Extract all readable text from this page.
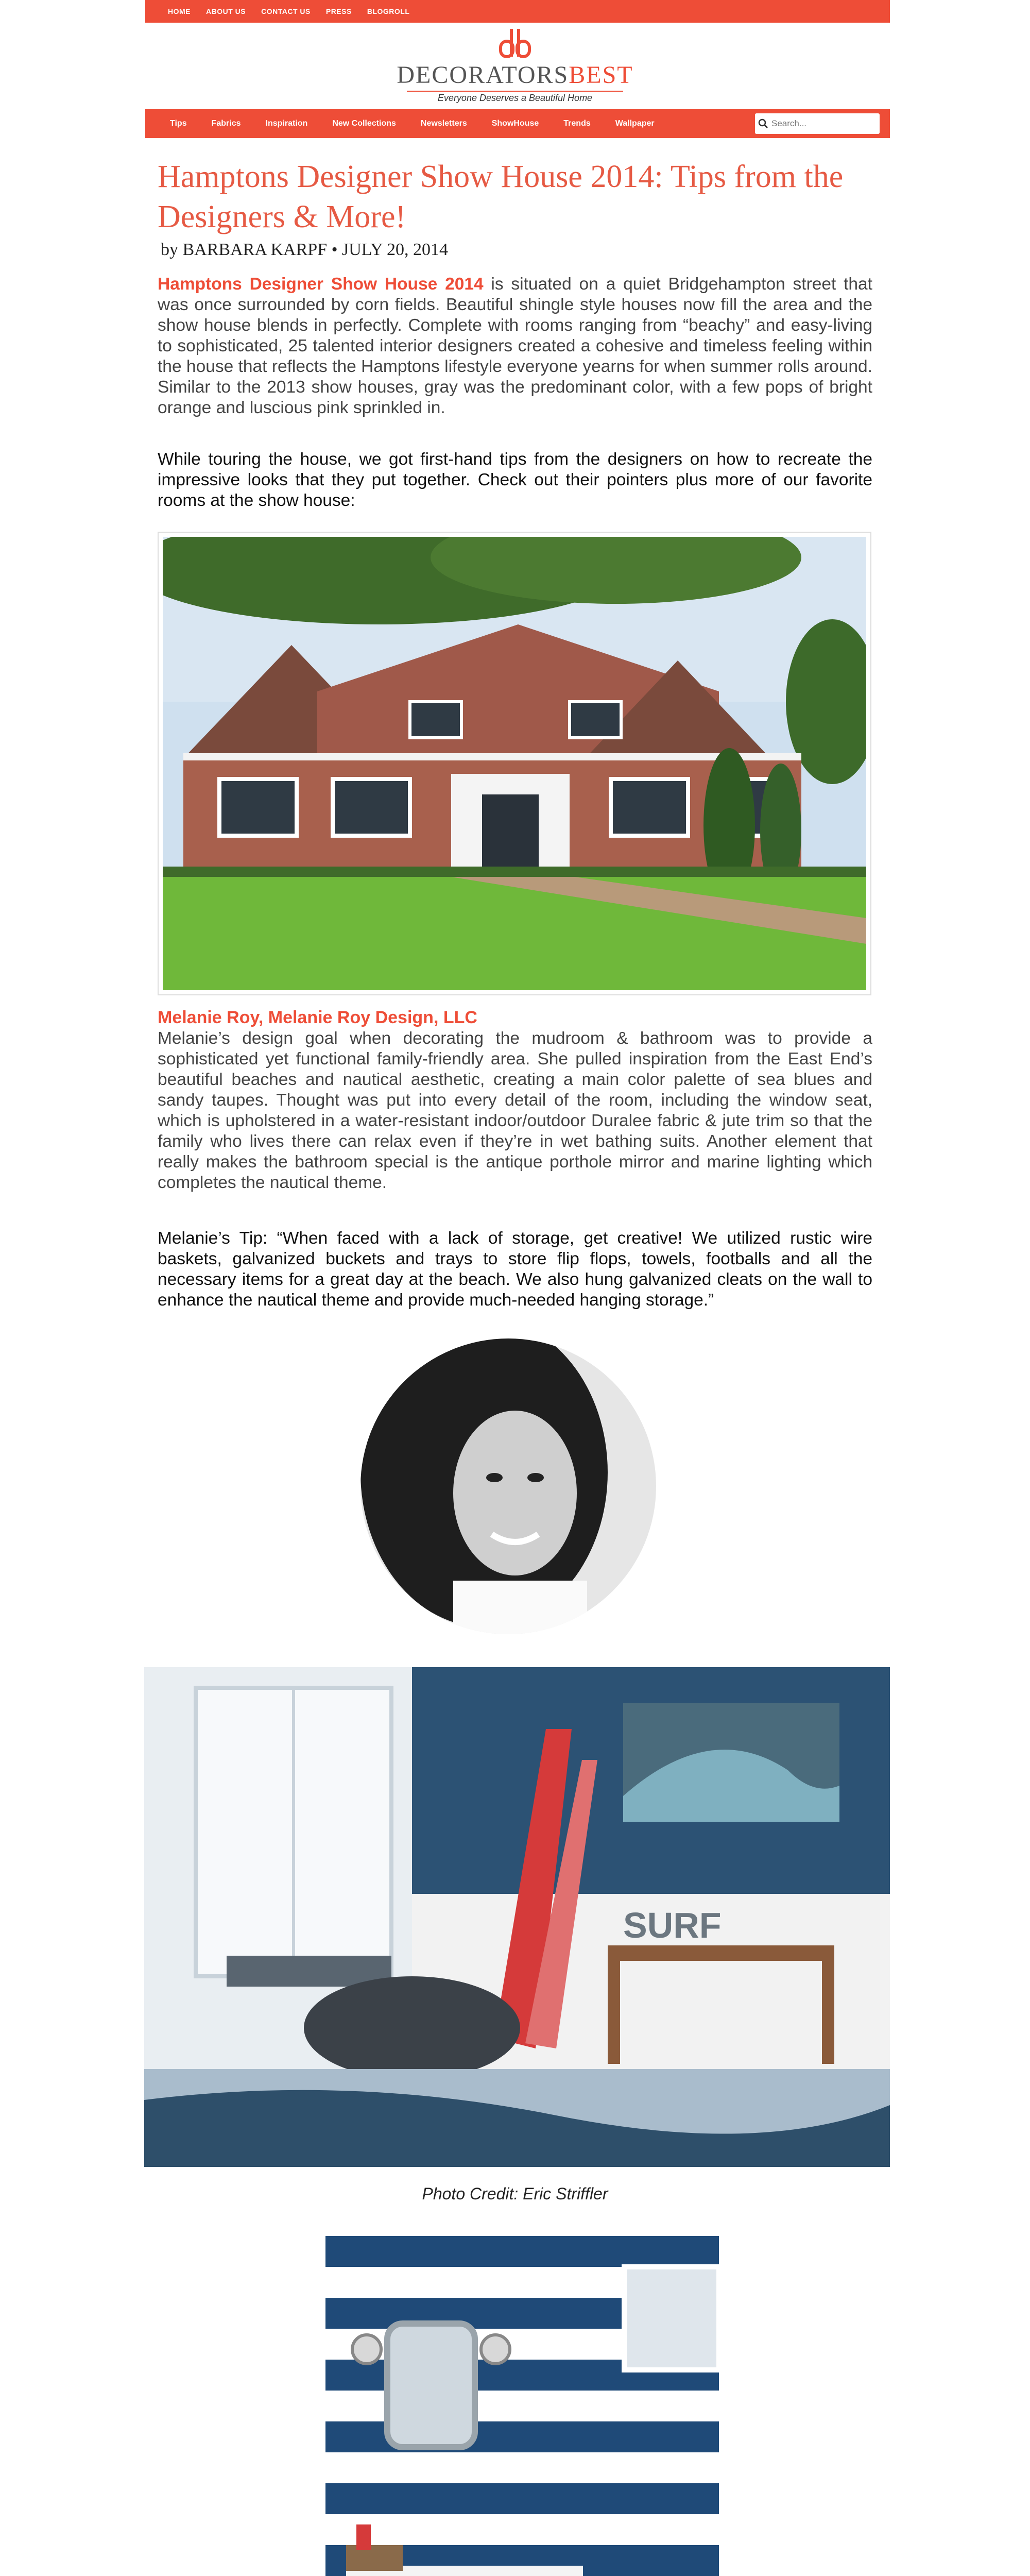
HOME ABOUT US CONTACT US PRESS BLOGROLL
DECORATORSBEST
Everyone Deserves a Beautiful Home
Tips	Fabrics	Inspiration	New Collections	Newsletters	ShowHouse	Trends	Wallpaper
Search...
Hamptons Designer Show House 2014: Tips from the Designers & More!
by BARBARA KARPF • JULY 20, 2014

Hamptons Designer Show House 2014 is situated on a quiet Bridgehampton street that was once surrounded by corn fields. Beautiful shingle style houses now fill the area and the show house blends in perfectly. Complete with rooms ranging from “beachy” and easy-living to sophisticated, 25 talented interior designers created a cohesive and timeless feeling within the house that reflects the Hamptons lifestyle everyone yearns for when summer rolls around. Similar to the 2013 show houses, gray was the predominant color, with a few pops of bright orange and luscious pink sprinkled in.

While touring the house, we got first-hand tips from the designers on how to recreate the impressive looks that they put together. Check out their pointers plus more of our favorite rooms at the show house:

Melanie Roy, Melanie Roy Design, LLC

Melanie’s design goal when decorating the mudroom & bathroom was to provide a sophisticated yet functional family-friendly area. She pulled inspiration from the East End’s beautiful beaches and nautical aesthetic, creating a main color palette of sea blues and sandy taupes. Thought was put into every detail of the room, including the window seat, which is upholstered in a water-resistant indoor/outdoor Duralee fabric & jute trim so that the family who lives there can relax even if they’re in wet bathing suits. Another element that really makes the bathroom special is the antique porthole mirror and marine lighting which completes the nautical theme.

Melanie’s Tip: “When faced with a lack of storage, get creative! We utilized rustic wire baskets, galvanized buckets and trays to store flip flops, towels, footballs and all the necessary items for a great day at the beach. We also hung galvanized cleats on the wall to enhance the nautical theme and provide much-needed hanging storage.”

SURF
Photo Credit: Eric Striffler
